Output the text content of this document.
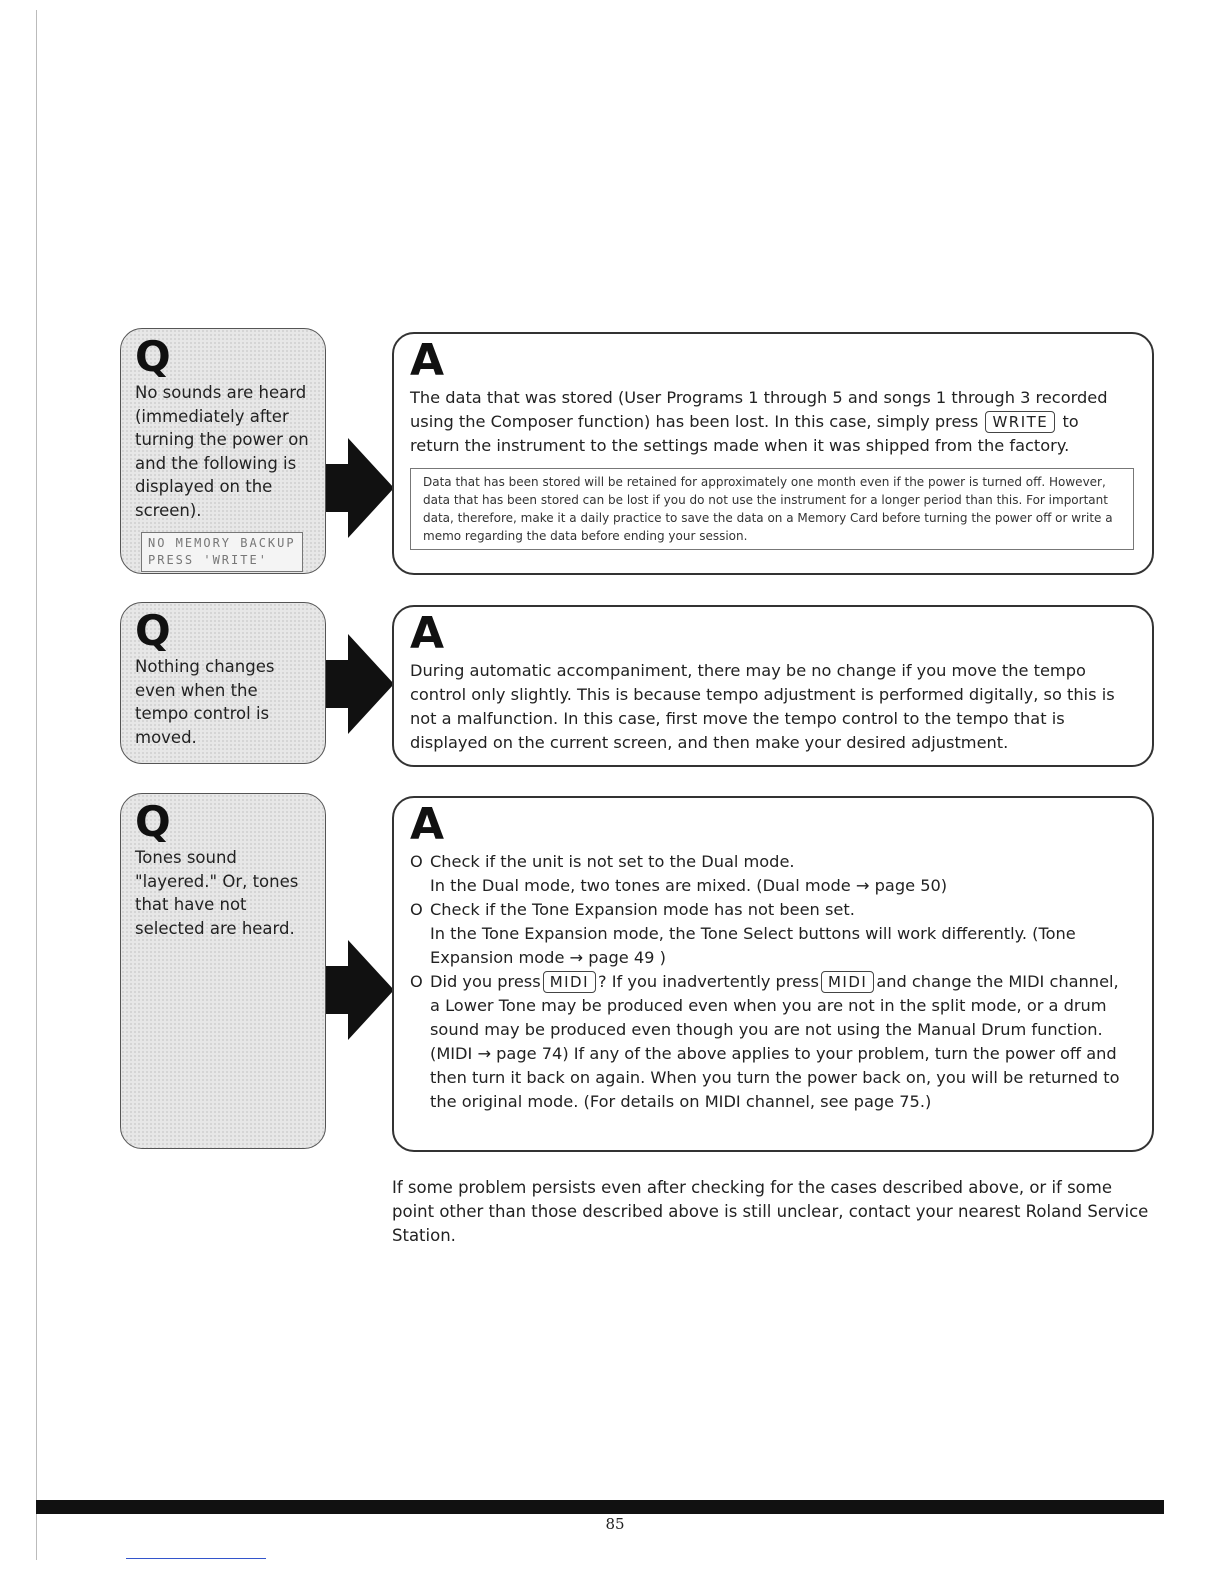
Q
No sounds are heard (immediately after turning the power on and the following is displayed on the screen).
NO MEMORY BACKUP
PRESS 'WRITE'
A
The data that was stored (User Programs 1 through 5 and songs 1 through 3 recorded using the Composer function) has been lost. In this case, simply press WRITE to return the instrument to the settings made when it was shipped from the factory.
Data that has been stored will be retained for approximately one month even if the power is turned off. However, data that has been stored can be lost if you do not use the instrument for a longer period than this. For important data, therefore, make it a daily practice to save the data on a Memory Card before turning the power off or write a memo regarding the data before ending your session.
Q
Nothing changes even when the tempo control is moved.
A
During automatic accompaniment, there may be no change if you move the tempo control only slightly. This is because tempo adjustment is performed digitally, so this is not a malfunction. In this case, first move the tempo control to the tempo that is displayed on the current screen, and then make your desired adjustment.
Q
Tones sound "layered." Or, tones that have not selected are heard.
A
O Check if the unit is not set to the Dual mode.
In the Dual mode, two tones are mixed. (Dual mode → page 50)
O Check if the Tone Expansion mode has not been set.
In the Tone Expansion mode, the Tone Select buttons will work differently. (Tone Expansion mode → page 49 )
O Did you press MIDI ? If you inadvertently press MIDI and change the MIDI channel, a Lower Tone may be produced even when you are not in the split mode, or a drum sound may be produced even though you are not using the Manual Drum function. (MIDI → page 74) If any of the above applies to your problem, turn the power off and then turn it back on again. When you turn the power back on, you will be returned to the original mode. (For details on MIDI channel, see page 75.)
If some problem persists even after checking for the cases described above, or if some point other than those described above is still unclear, contact your nearest Roland Service Station.
85
